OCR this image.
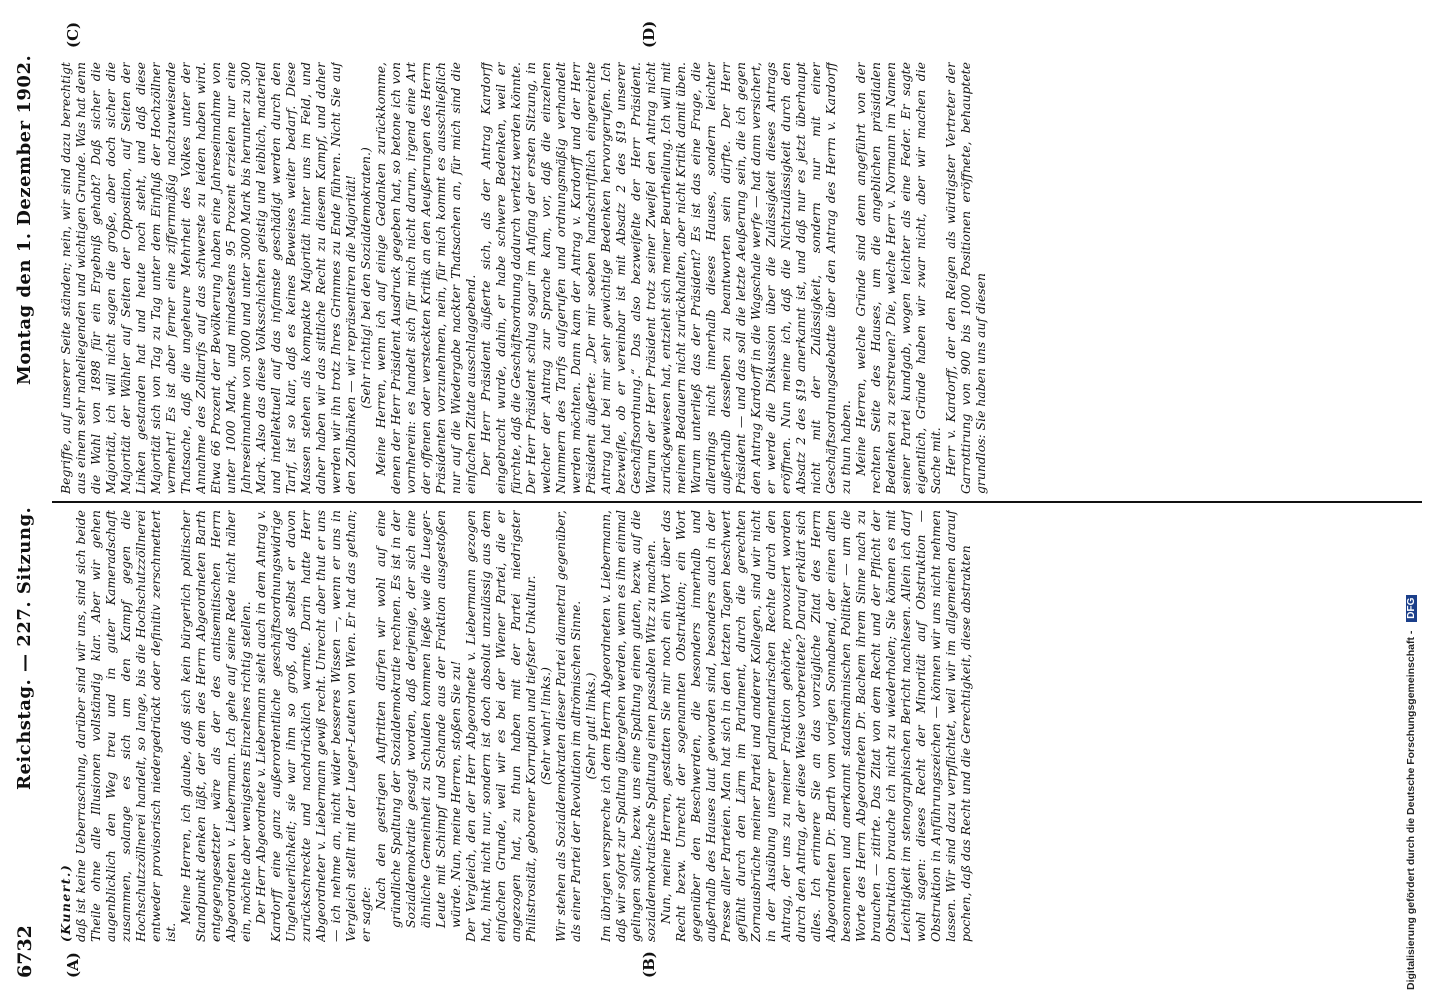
6732
Reichstag. — 227. Sitzung.
Montag den 1. Dezember 1902.
(A)	(B)
(C)	(D)

(Kunert.) daß ist keine Ueberraschung, darüber sind wir uns, sind sich beide Theile ohne alle Illusionen vollständig klar. Aber wir gehen augenblicklich den Weg treu und in guter Kameradschaft zusammen, solange es sich um den Kampf gegen die Hochschutzzöllnerei handelt, so lange, bis die Hochschutzzöllnerei entweder provisorisch niedergedrückt oder definitiv zerschmettert ist.

Meine Herren, ich glaube, daß sich kein bürgerlich politischer Standpunkt denken läßt, der dem des Herrn Abgeordneten Barth entgegengesetzter wäre als der des antisemitischen Herrn Abgeordneten v. Liebermann. Ich gehe auf seine Rede nicht näher ein, möchte aber wenigstens Einzelnes richtig stellen. Der Herr Abgeordnete v. Liebermann sieht auch in dem Antrag v. Kardorff eine ganz außerordentliche geschäftsordnungswidrige Ungeheuerlichkeit; sie war ihm so groß, daß selbst er davon zurückschreckte und nachdrücklich warnte. Darin hatte Herr Abgeordneter v. Liebermann gewiß recht. Unrecht aber thut er uns — ich nehme an, nicht wider besseres Wissen —, wenn er uns in Vergleich stellt mit der Lueger-Leuten von Wien. Er hat das gethan; er sagte:

Nach den gestrigen Auftritten dürfen wir wohl auf eine gründliche Spaltung der Sozialdemokratie rechnen. Es ist in der Sozialdemokratie gesagt worden, daß derjenige, der sich eine ähnliche Gemeinheit zu Schulden kommen ließe wie die Lueger-Leute mit Schimpf und Schande aus der Fraktion ausgestoßen würde. Nun, meine Herren, stoßen Sie zu! Der Vergleich, den der Herr Abgeordnete v. Liebermann gezogen hat, hinkt nicht nur, sondern ist doch absolut unzulässig aus dem einfachen Grunde, weil wir es bei der Wiener Partei, die er angezogen hat, zu thun haben mit der Partei niedrigster Philistrosität, geborener Korruption und tiefster Unkultur. (Sehr wahr! links.) Wir stehen als Sozialdemokraten dieser Partei diametral gegenüber, als einer Partei der Revolution im altrömischen Sinne. (Sehr gut! links.) Im übrigen verspreche ich dem Herrn Abgeordneten v. Liebermann, daß wir sofort zur Spaltung übergehen werden, wenn es ihm einmal gelingen sollte, bezw. uns eine Spaltung einen guten, bezw. auf die sozialdemokratische Spaltung einen passablen Witz zu machen. Nun, meine Herren, gestatten Sie mir noch ein Wort über das Recht bezw. Unrecht der sogenannten Obstruktion; ein Wort gegenüber den Beschwerden, die besonders innerhalb und außerhalb des Hauses laut geworden sind, besonders auch in der Presse aller Parteien. Man hat sich in den letzten Tagen beschwert gefühlt durch den Lärm im Parlament, durch die gerechten Zornausbrüche meiner Partei und anderer Kollegen, sind wir nicht in der Ausübung unserer parlamentarischen Rechte durch den Antrag, der uns zu meiner Fraktion gehörte, provoziert worden durch den Antrag, der diese Weise vorbereitete? Darauf erklärt sich alles. Ich erinnere Sie an das vorzügliche Zitat des Herrn Abgeordneten Dr. Barth vom vorigen Sonnabend, der einen alten besonnenen und anerkannt staatsmännischen Politiker — um die Worte des Herrn Abgeordneten Dr. Bachem ihrem Sinne nach zu brauchen — zitirte. Das Zitat von dem Recht und der Pflicht der Obstruktion brauche ich nicht zu wiederholen; Sie können es mit Leichtigkeit im stenographischen Bericht nachlesen. Allein ich darf wohl sagen: dieses Recht der Minorität auf Obstruktion — Obstruktion in Anführungszeichen — können wir uns nicht nehmen lassen. Wir sind dazu verpflichtet, weil wir im allgemeinen darauf pochen, daß das Recht und die Gerechtigkeit, diese abstrakten

Begriffe, auf unserer Seite ständen; nein, wir sind dazu berechtigt aus einem sehr naheliegenden und wichtigen Grunde. Was hat denn die Wahl von 1898 für ein Ergebniß gehabt? Daß sicher die Majorität, ich will nicht sagen die große, aber doch sicher die Majorität der Wähler auf Seiten der Opposition, auf Seiten der Linken gestanden hat und heute noch steht, und daß diese Majorität sich von Tag zu Tag unter dem Einfluß der Hochzöllner vermehrt! Es ist aber ferner eine ziffernmäßig nachzuweisende Thatsache, daß die ungeheure Mehrheit des Volkes unter der Annahme des Zolltarifs auf das schwerste zu leiden haben wird. Etwa 66 Prozent der Bevölkerung haben eine Jahreseinnahme von unter 1000 Mark, und mindestens 95 Prozent erzielen nur eine Jahreseinnahme von 3000 und unter 3000 Mark bis herunter zu 300 Mark. Also das diese Volksschichten geistig und leiblich, materiell und intellektuell auf das infamste geschädigt werden durch den Tarif, ist so klar, daß es keines Beweises weiter bedarf. Diese Massen stehen als kompakte Majorität hinter uns im Feld, und daher haben wir das sittliche Recht zu diesem Kampf, und daher werden wir ihn trotz Ihres Grimmes zu Ende führen. Nicht Sie auf den Zollbänken — wir repräsentiren die Majorität! (Sehr richtig! bei den Sozialdemokraten.) Meine Herren, wenn ich auf einige Gedanken zurückkomme, denen der Herr Präsident Ausdruck gegeben hat, so betone ich von vornherein: es handelt sich für mich nicht darum, irgend eine Art der offenen oder versteckten Kritik an den Aeußerungen des Herrn Präsidenten vorzunehmen, nein, für mich kommt es ausschließlich nur auf die Wiedergabe nackter Thatsachen an, für mich sind die einfachen Zitate ausschlaggebend. Der Herr Präsident äußerte sich, als der Antrag Kardorff eingebracht wurde, dahin, er habe schwere Bedenken, weil er fürchte, daß die Geschäftsordnung dadurch verletzt werden könnte. Der Herr Präsident schlug sogar im Anfang der ersten Sitzung, in welcher der Antrag zur Sprache kam, vor, daß die einzelnen Nummern des Tarifs aufgerufen und ordnungsmäßig verhandelt werden möchten. Dann kam der Antrag v. Kardorff und der Herr Präsident äußerte: „Der mir soeben handschriftlich eingereichte Antrag hat bei mir sehr gewichtige Bedenken hervorgerufen. Ich bezweifle, ob er vereinbar ist mit Absatz 2 des §19 unserer Geschäftsordnung.“ Das also bezweifelte der Herr Präsident. Warum der Herr Präsident trotz seiner Zweifel den Antrag nicht zurückgewiesen hat, entzieht sich meiner Beurtheilung. Ich will mit meinem Bedauern nicht zurückhalten, aber nicht Kritik damit üben. Warum unterließ das der Präsident? Es ist das eine Frage, die allerdings nicht innerhalb dieses Hauses, sondern leichter außerhalb desselben zu beantworten sein dürfte. Der Herr Präsident — und das soll die letzte Aeußerung sein, die ich gegen den Antrag Kardorff in die Wagschale werfe — hat dann versichert, er werde die Diskussion über die Zulässigkeit dieses Antrags eröffnen. Nun meine ich, daß die Nichtzulässigkeit durch den Absatz 2 des §19 anerkannt ist, und daß nur es jetzt überhaupt nicht mit der Zulässigkeit, sondern nur mit einer Geschäftsordnungsdebatte über den Antrag des Herrn v. Kardorff zu thun haben. Meine Herren, welche Gründe sind denn angeführt von der rechten Seite des Hauses, um die angeblichen präsidialen Bedenken zu zerstreuen? Die, welche Herr v. Normann im Namen seiner Partei kundgab, wogen leichter als eine Feder. Er sagte eigentlich, Gründe haben wir zwar nicht, aber wir machen die Sache mit. Herr v. Kardorff, der den Reigen als würdigster Vertreter der Garrottirung von 900 bis 1000 Positionen eröffnete, behauptete grundlos: Sie haben uns auf diesen

Digitalisierung gefördert durch die Deutsche Forschungsgemeinschaft - DFG
